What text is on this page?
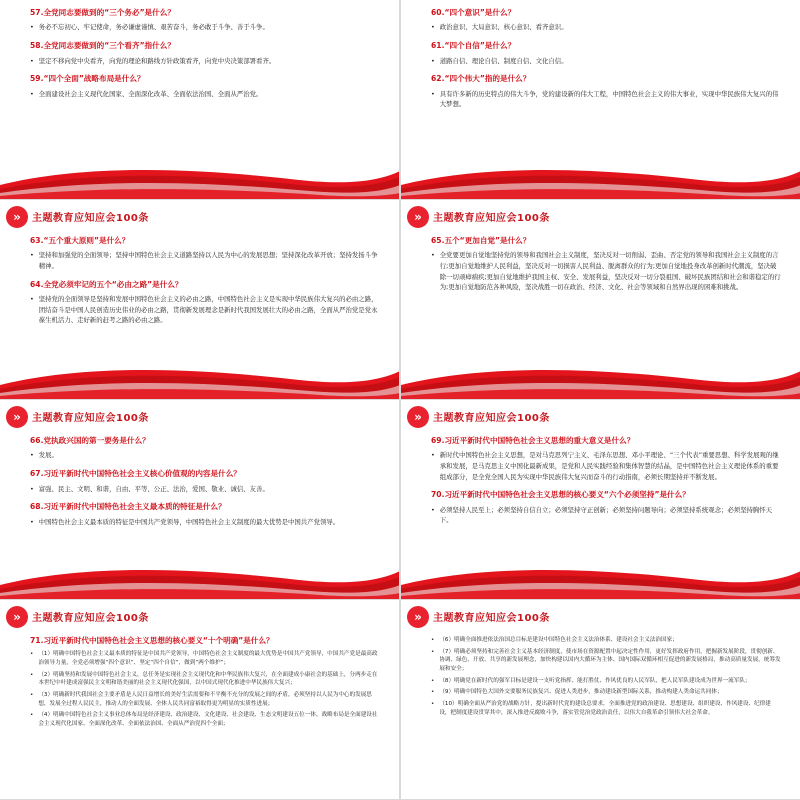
57.全党同志要做到的“三个务必”是什么？
• 务必不忘初心、牢记使命，务必谦虚谨慎、艰苦奋斗，务必敢于斗争、善于斗争。
58.全党同志要做到的“三个看齐”指什么？
• 坚定不移向党中央看齐，向党的理论和路线方针政策看齐，向党中央决策部署看齐。
59.“四个全面”战略布局是什么？
• 全面建设社会主义现代化国家、全面深化改革、全面依法治国、全面从严治党。
60.“四个意识”是什么？
• 政治意识、大局意识、核心意识、看齐意识。
61.“四个自信”是什么？
• 道路自信、理论自信、制度自信、文化自信。
62.“四个伟大”指的是什么？
• 具有许多新的历史特点的伟大斗争，党的建设新的伟大工程，中国特色社会主义的伟大事业，实现中华民族伟大复兴的伟大梦想。
»	主题教育应知应会100条
63.“五个重大原则”是什么？
• 坚持和加强党的全面领导；坚持中国特色社会主义道路坚持以人民为中心的发展思想；坚持深化改革开放；坚持发扬斗争精神。
64.全党必须牢记的五个“必由之路”是什么？
• 坚持党的全面领导是坚持和发展中国特色社会主义的必由之路，中国特色社会主义是实现中华民族伟大复兴的必由之路，团结奋斗是中国人民创造历史伟业的必由之路，贯彻新发展理念是新时代我国发展壮大的必由之路，全面从严治党是党永葆生机活力、走好新的赶考之路的必由之路。
»	主题教育应知应会100条
65.五个“更加自觉”是什么？
• 全党要更加自觉地坚持党的领导和我国社会主义制度，坚决反对一切削弱、歪曲、否定党的领导和我国社会主义制度的言行;更加自觉地维护人民利益，坚决反对一切损害人民利益、脱离群众的行为;更加自觉地投身改革创新时代潮流，坚决破除一切顽瘴痼疾;更加自觉地维护我国主权、安全、发展利益，坚决反对一切分裂祖国、破坏民族团结和社会和谐稳定的行为;更加自觉地防范各种风险，坚决战胜一切在政治、经济、文化、社会等领域和自然界出现的困难和挑战。
»	主题教育应知应会100条
66.党执政兴国的第一要务是什么？
• 发展。
67.习近平新时代中国特色社会主义核心价值观的内容是什么？
• 富强、民主、文明、和谐，自由、平等、公正、法治，爱国、敬业、诚信、友善。
68.习近平新时代中国特色社会主义最本质的特征是什么？
• 中国特色社会主义最本质的特征是中国共产党领导，中国特色社会主义制度的最大优势是中国共产党领导。
»	主题教育应知应会100条
69.习近平新时代中国特色社会主义思想的重大意义是什么？
• 新时代中国特色社会主义思想，是对马克思列宁主义、毛泽东思想、邓小平理论、“三个代表”重要思想、科学发展观的继承和发展，是马克思主义中国化最新成果，是党和人民实践经验和集体智慧的结晶，是中国特色社会主义理论体系的重要组成部分，是全党全国人民为实现中华民族伟大复兴而奋斗的行动指南，必须长期坚持并不断发展。
70.习近平新时代中国特色社会主义思想的核心要义“六个必须坚持”是什么？
• 必须坚持人民至上；必须坚持自信自立；必须坚持守正创新；必须坚持问题导向；必须坚持系统观念；必须坚持胸怀天下。
»	主题教育应知应会100条
71.习近平新时代中国特色社会主义思想的核心要义“十个明确”是什么？
• （1）明确中国特色社会主义最本质的特征是中国共产党领导，中国特色社会主义制度的最大优势是中国共产党领导，中国共产党是最高政治领导力量，全党必须增强“四个意识”、坚定“四个自信”，做到“两个维护”；
• （2）明确坚持和发展中国特色社会主义，总任务是实现社会主义现代化和中华民族伟大复兴，在全面建成小康社会的基础上，分两步走在本世纪中叶建成富强民主文明和谐美丽的社会主义现代化强国，以中国式现代化推进中华民族伟大复兴；
• （3）明确新时代我国社会主要矛盾是人民日益增长的美好生活需要和不平衡不充分的发展之间的矛盾，必须坚持以人民为中心的发展思想，发展全过程人民民主，推动人的全面发展、全体人民共同富裕取得更为明显的实质性进展；
• （4）明确中国特色社会主义事业总体布局是经济建设、政治建设、文化建设、社会建设、生态文明建设五位一体，战略布局是全面建设社会主义现代化国家、全面深化改革、全面依法治国、全面从严治党四个全面；
»	主题教育应知应会100条
• （6）明确全面推进依法治国总目标是建设中国特色社会主义法治体系、建设社会主义法治国家；
• （7）明确必须坚持和完善社会主义基本经济制度，使市场在资源配置中起决定性作用，更好发挥政府作用，把握新发展阶段，贯彻创新、协调、绿色、开放、共享的新发展理念，加快构建以国内大循环为主体、国内国际双循环相互促进的新发展格局，推动高质量发展，统筹发展和安全；
• （8）明确党在新时代的强军目标是建设一支听党指挥、能打胜仗、作风优良的人民军队，把人民军队建设成为世界一流军队；
• （9）明确中国特色大国外交要服务民族复兴、促进人类进步，推动建设新型国际关系，推动构建人类命运共同体；
• （10）明确全面从严治党的战略方针，提出新时代党的建设总要求，全面推进党的政治建设、思想建设、组织建设、作风建设、纪律建设，把制度建设贯穿其中，深入推进反腐败斗争，落实管党治党政治责任，以伟大自我革命引领伟大社会革命。
